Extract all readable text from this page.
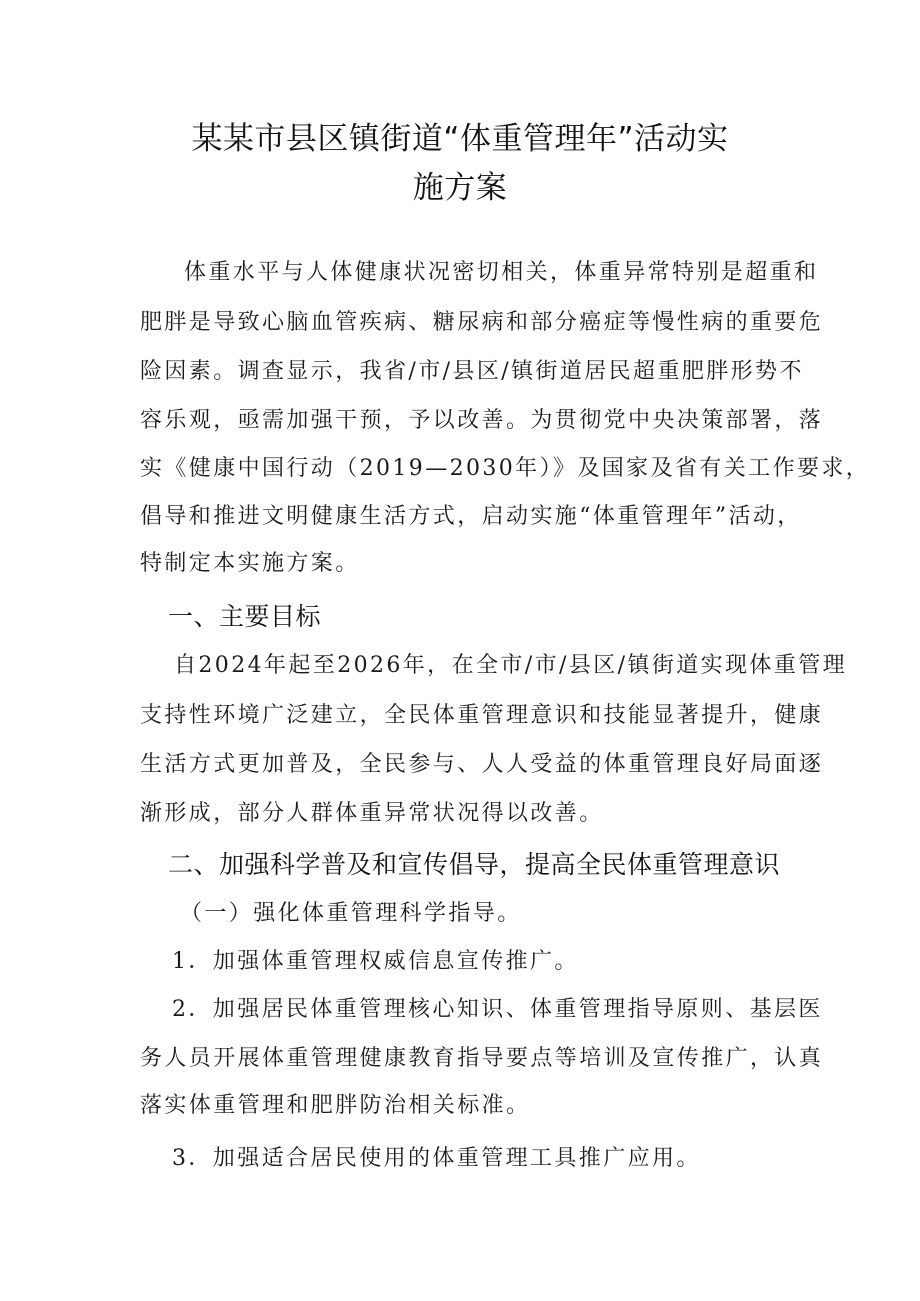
某某市县区镇街道“体重管理年”活动实
施方案
体重水平与人体健康状况密切相关，体重异常特别是超重和
肥胖是导致心脑血管疾病、糖尿病和部分癌症等慢性病的重要危
险因素。调查显示，我省/市/县区/镇街道居民超重肥胖形势不
容乐观，亟需加强干预，予以改善。为贯彻党中央决策部署，落
实《健康中国行动（2019—2030年）》及国家及省有关工作要求，
倡导和推进文明健康生活方式，启动实施“体重管理年”活动，
特制定本实施方案。
一、主要目标
自2024年起至2026年，在全市/市/县区/镇街道实现体重管理
支持性环境广泛建立，全民体重管理意识和技能显著提升，健康
生活方式更加普及，全民参与、人人受益的体重管理良好局面逐
渐形成，部分人群体重异常状况得以改善。
二、加强科学普及和宣传倡导，提高全民体重管理意识
（一）强化体重管理科学指导。
1．加强体重管理权威信息宣传推广。
2．加强居民体重管理核心知识、体重管理指导原则、基层医
务人员开展体重管理健康教育指导要点等培训及宣传推广，认真
落实体重管理和肥胖防治相关标准。
3．加强适合居民使用的体重管理工具推广应用。
